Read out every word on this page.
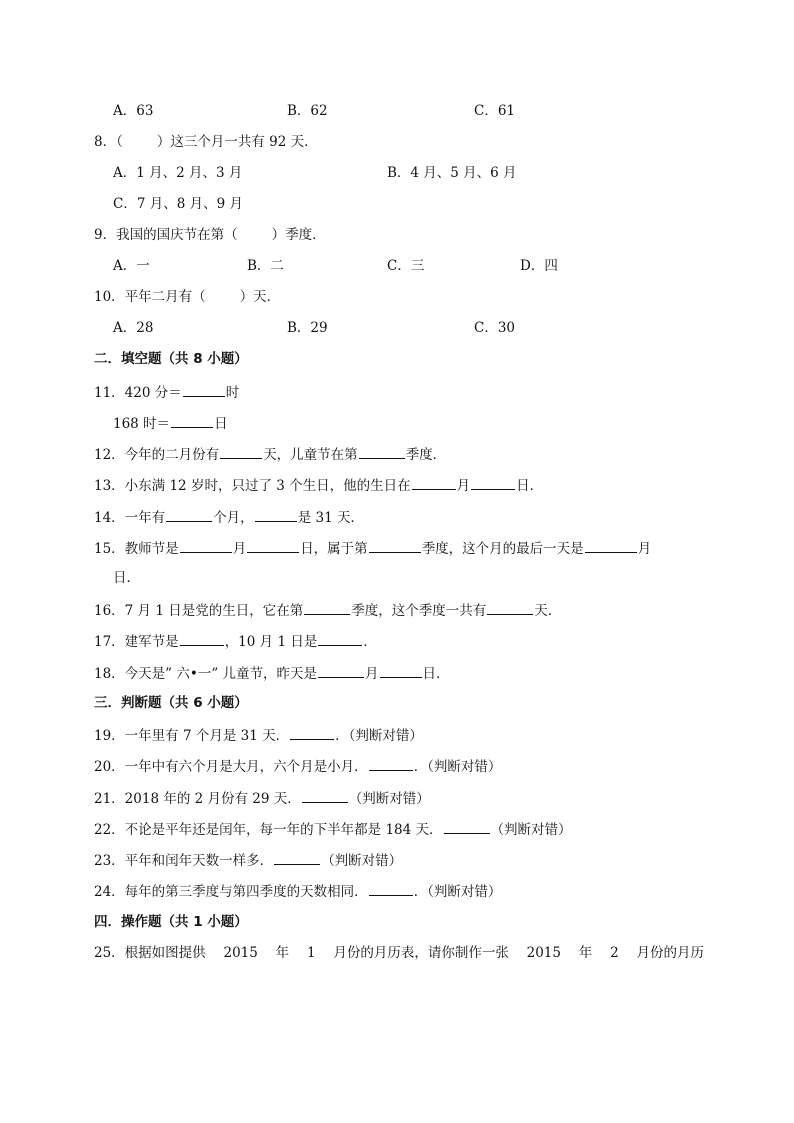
A．63	B．62	C．61
8．（	）这三个月一共有 92 天．
A．1 月、2 月、3 月	B．4 月、5 月、6 月
C．7 月、8 月、9 月
9．我国的国庆节在第（	）季度．
A．一	B．二	C．三	D．四
10．平年二月有（	）天．
A．28	B．29	C．30
二．填空题（共 8 小题）
11．420 分＝	时
168 时＝	日
12．今年的二月份有	天，儿童节在第	季度．
13．小东满 12 岁时，只过了 3 个生日，他的生日在	月	日．
14．一年有	个月，	是 31 天．
15．教师节是	月	日，属于第	季度，这个月的最后一天是	月
日．
16．7 月 1 日是党的生日，它在第	季度，这个季度一共有	天．
17．建军节是	，10 月 1 日是	．
18．今天是” 六•一” 儿童节，昨天是	月	日．
三．判断题（共 6 小题）
19．一年里有 7 个月是 31 天．	．（判断对错）
20．一年中有六个月是大月，六个月是小月．	．（判断对错）
21．2018 年的 2 月份有 29 天．	（判断对错）
22．不论是平年还是闰年，每一年的下半年都是 184 天．	（判断对错）
23．平年和闰年天数一样多．	（判断对错）
24．每年的第三季度与第四季度的天数相同．	．（判断对错）
四．操作题（共 1 小题）
25．根据如图提供 2015 年 1 月份的月历表，请你制作一张 2015 年 2 月份的月历
